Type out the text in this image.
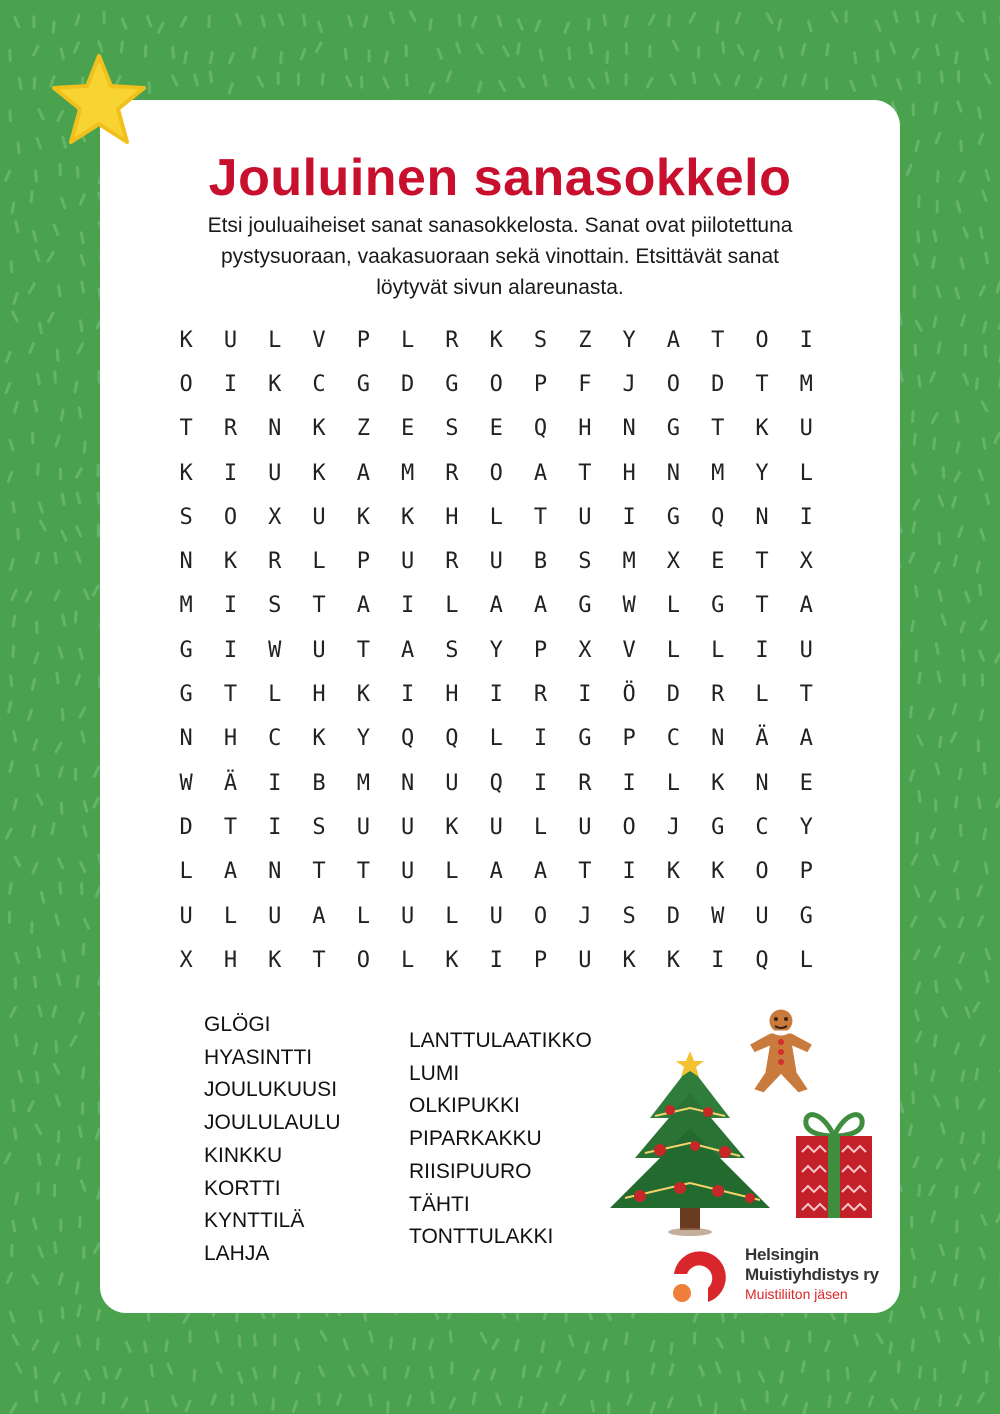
Jouluinen sanasokkelo
Etsi jouluaiheiset sanat sanasokkelosta. Sanat ovat piilotettuna
pystysuoraan, vaakasuoraan sekä vinottain. Etsittävät sanat
löytyvät sivun alareunasta.
K	U	L	V	P	L	R	K	S	Z	Y	A	T	O	I
O	I	K	C	G	D	G	O	P	F	J	O	D	T	M
T	R	N	K	Z	E	S	E	Q	H	N	G	T	K	U
K	I	U	K	A	M	R	O	A	T	H	N	M	Y	L
S	O	X	U	K	K	H	L	T	U	I	G	Q	N	I
N	K	R	L	P	U	R	U	B	S	M	X	E	T	X
M	I	S	T	A	I	L	A	A	G	W	L	G	T	A
G	I	W	U	T	A	S	Y	P	X	V	L	L	I	U
G	T	L	H	K	I	H	I	R	I	Ö	D	R	L	T
N	H	C	K	Y	Q	Q	L	I	G	P	C	N	Ä	A
W	Ä	I	B	M	N	U	Q	I	R	I	L	K	N	E
D	T	I	S	U	U	K	U	L	U	O	J	G	C	Y
L	A	N	T	T	U	L	A	A	T	I	K	K	O	P
U	L	U	A	L	U	L	U	O	J	S	D	W	U	G
X	H	K	T	O	L	K	I	P	U	K	K	I	Q	L
GLÖGI
HYASINTTI
JOULUKUUSI
JOULULAULU
KINKKU
KORTTI
KYNTTILÄ
LAHJA
LANTTULAATIKKO
LUMI
OLKIPUKKI
PIPARKAKKU
RIISIPUURO
TÄHTI
TONTTULAKKI
Helsingin
Muistiyhdistys ry
Muistiliiton jäsen
